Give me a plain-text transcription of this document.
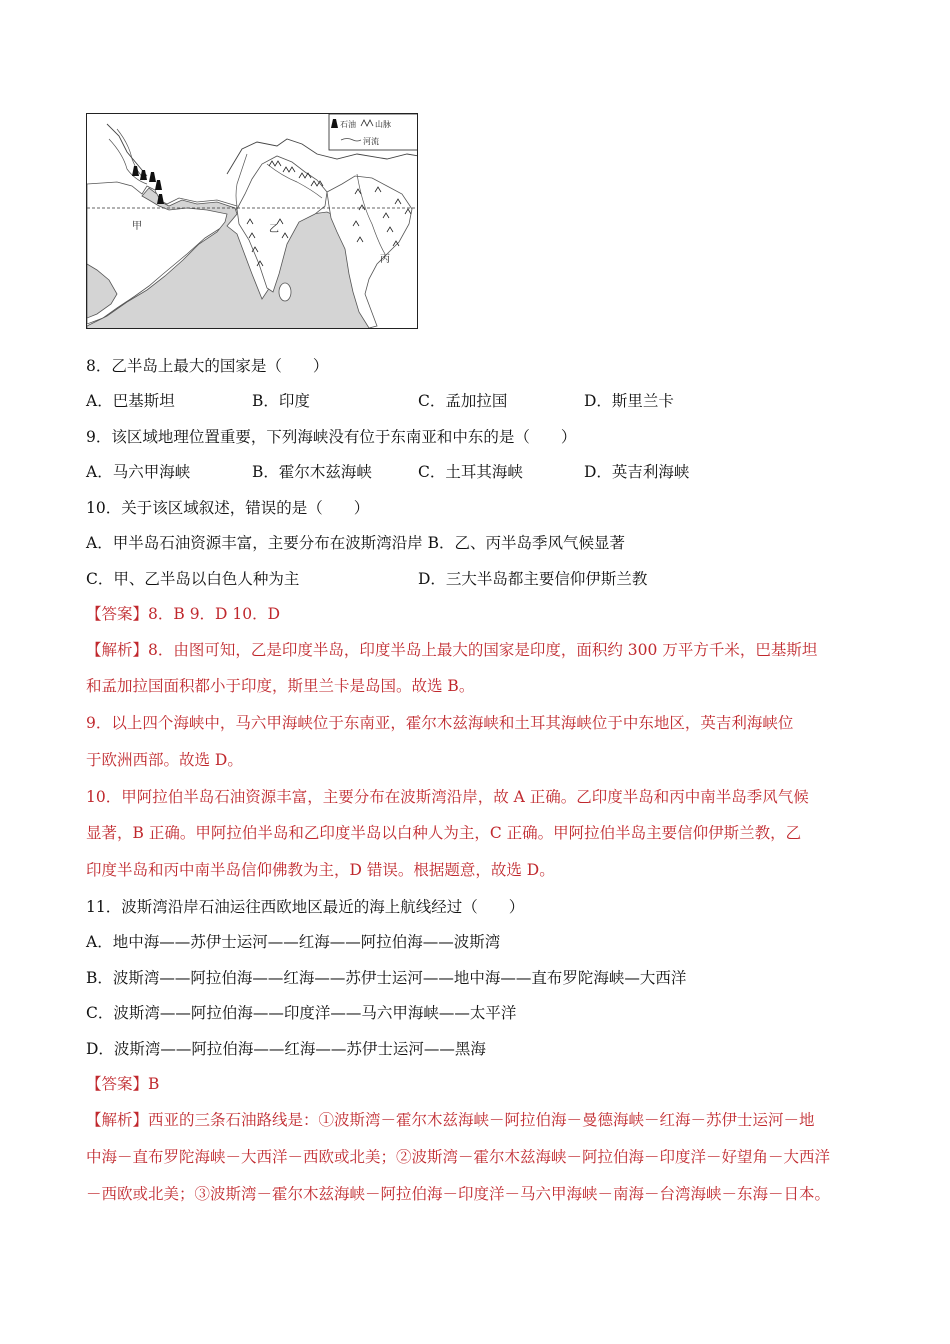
甲	乙
丙
石油 山脉
河流
8．乙半岛上最大的国家是（　　）
A．巴基斯坦	B．印度	C．孟加拉国	D．斯里兰卡
9．该区域地理位置重要，下列海峡没有位于东南亚和中东的是（　　）
A．马六甲海峡	B．霍尔木兹海峡	C．土耳其海峡	D．英吉利海峡
10．关于该区域叙述，错误的是（　　）
A．甲半岛石油资源丰富，主要分布在波斯湾沿岸 B．乙、丙半岛季风气候显著
C．甲、乙半岛以白色人种为主	D．三大半岛都主要信仰伊斯兰教
【答案】8．B 9．D 10．D
【解析】8．由图可知，乙是印度半岛，印度半岛上最大的国家是印度，面积约 300 万平方千米，巴基斯坦
和孟加拉国面积都小于印度，斯里兰卡是岛国。故选 B。
9．以上四个海峡中，马六甲海峡位于东南亚，霍尔木兹海峡和土耳其海峡位于中东地区，英吉利海峡位
于欧洲西部。故选 D。
10．甲阿拉伯半岛石油资源丰富，主要分布在波斯湾沿岸，故 A 正确。乙印度半岛和丙中南半岛季风气候
显著，B 正确。甲阿拉伯半岛和乙印度半岛以白种人为主，C 正确。甲阿拉伯半岛主要信仰伊斯兰教，乙
印度半岛和丙中南半岛信仰佛教为主，D 错误。根据题意，故选 D。
11．波斯湾沿岸石油运往西欧地区最近的海上航线经过（　　）
A．地中海——苏伊士运河——红海——阿拉伯海——波斯湾
B．波斯湾——阿拉伯海——红海——苏伊士运河——地中海——直布罗陀海峡—大西洋
C．波斯湾——阿拉伯海——印度洋——马六甲海峡——太平洋
D．波斯湾——阿拉伯海——红海——苏伊士运河——黑海
【答案】B
【解析】西亚的三条石油路线是：①波斯湾－霍尔木兹海峡－阿拉伯海－曼德海峡－红海－苏伊士运河－地
中海－直布罗陀海峡－大西洋－西欧或北美；②波斯湾－霍尔木兹海峡－阿拉伯海－印度洋－好望角－大西洋
－西欧或北美；③波斯湾－霍尔木兹海峡－阿拉伯海－印度洋－马六甲海峡－南海－台湾海峡－东海－日本。
